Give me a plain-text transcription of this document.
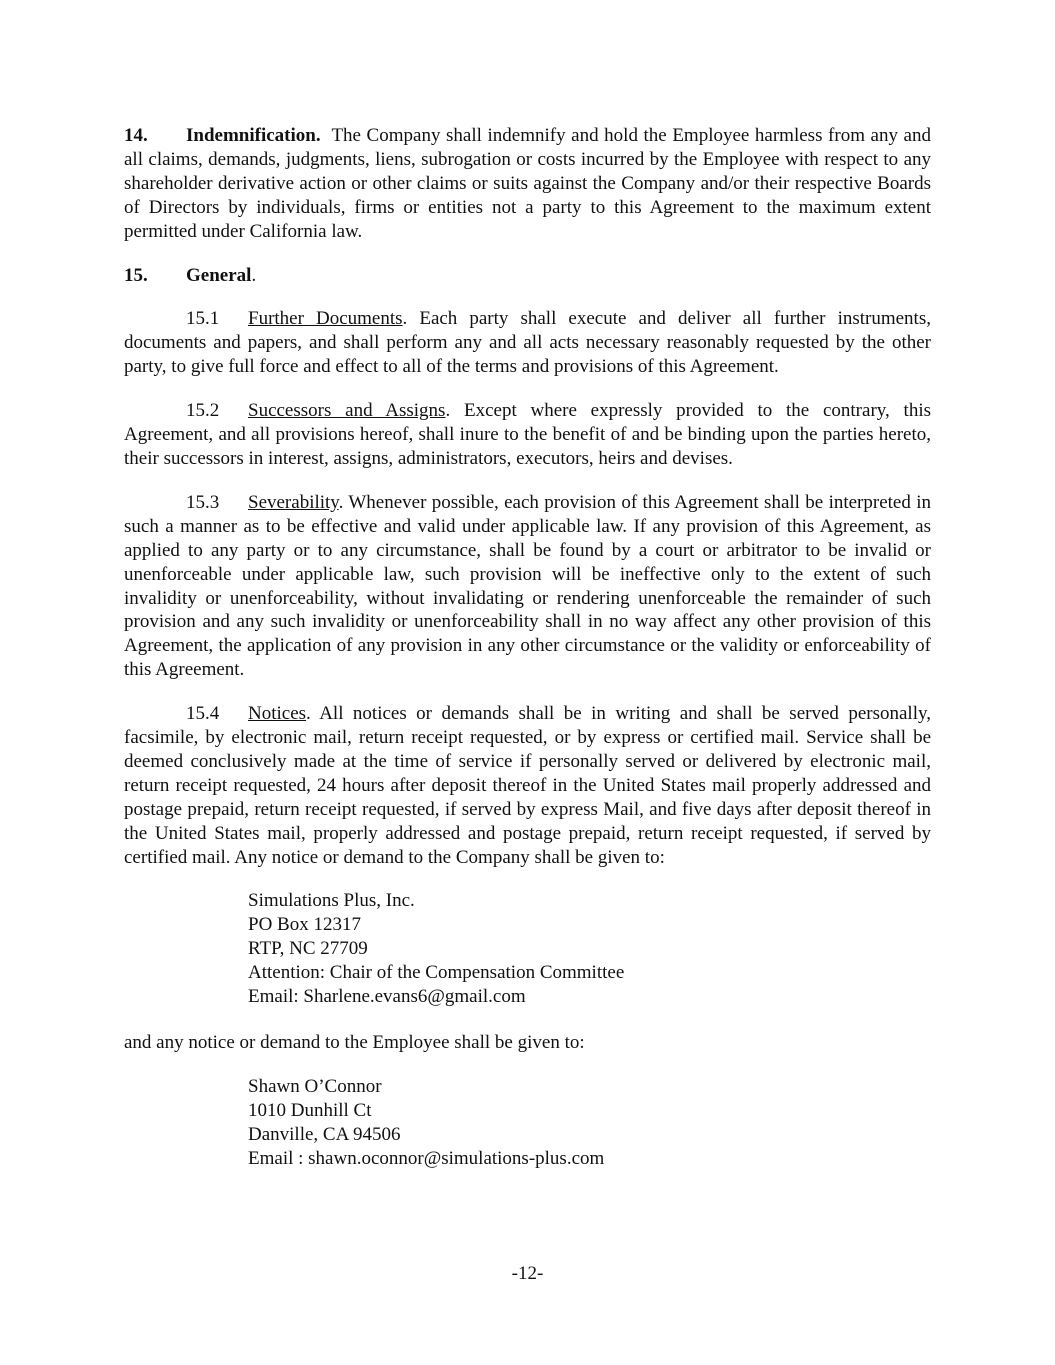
14. Indemnification. The Company shall indemnify and hold the Employee harmless from any and all claims, demands, judgments, liens, subrogation or costs incurred by the Employee with respect to any shareholder derivative action or other claims or suits against the Company and/or their respective Boards of Directors by individuals, firms or entities not a party to this Agreement to the maximum extent permitted under California law.

15. General.

15.1 Further Documents. Each party shall execute and deliver all further instruments, documents and papers, and shall perform any and all acts necessary reasonably requested by the other party, to give full force and effect to all of the terms and provisions of this Agreement.

15.2 Successors and Assigns. Except where expressly provided to the contrary, this Agreement, and all provisions hereof, shall inure to the benefit of and be binding upon the parties hereto, their successors in interest, assigns, administrators, executors, heirs and devises.

15.3 Severability. Whenever possible, each provision of this Agreement shall be interpreted in such a manner as to be effective and valid under applicable law. If any provision of this Agreement, as applied to any party or to any circumstance, shall be found by a court or arbitrator to be invalid or unenforceable under applicable law, such provision will be ineffective only to the extent of such invalidity or unenforceability, without invalidating or rendering unenforceable the remainder of such provision and any such invalidity or unenforceability shall in no way affect any other provision of this Agreement, the application of any provision in any other circumstance or the validity or enforceability of this Agreement.

15.4 Notices. All notices or demands shall be in writing and shall be served personally, facsimile, by electronic mail, return receipt requested, or by express or certified mail. Service shall be deemed conclusively made at the time of service if personally served or delivered by electronic mail, return receipt requested, 24 hours after deposit thereof in the United States mail properly addressed and postage prepaid, return receipt requested, if served by express Mail, and five days after deposit thereof in the United States mail, properly addressed and postage prepaid, return receipt requested, if served by certified mail. Any notice or demand to the Company shall be given to:

Simulations Plus, Inc.
PO Box 12317
RTP, NC 27709
Attention: Chair of the Compensation Committee
Email: Sharlene.evans6@gmail.com

and any notice or demand to the Employee shall be given to:

Shawn O’Connor
1010 Dunhill Ct
Danville, CA 94506
Email : shawn.oconnor@simulations-plus.com
-12-
